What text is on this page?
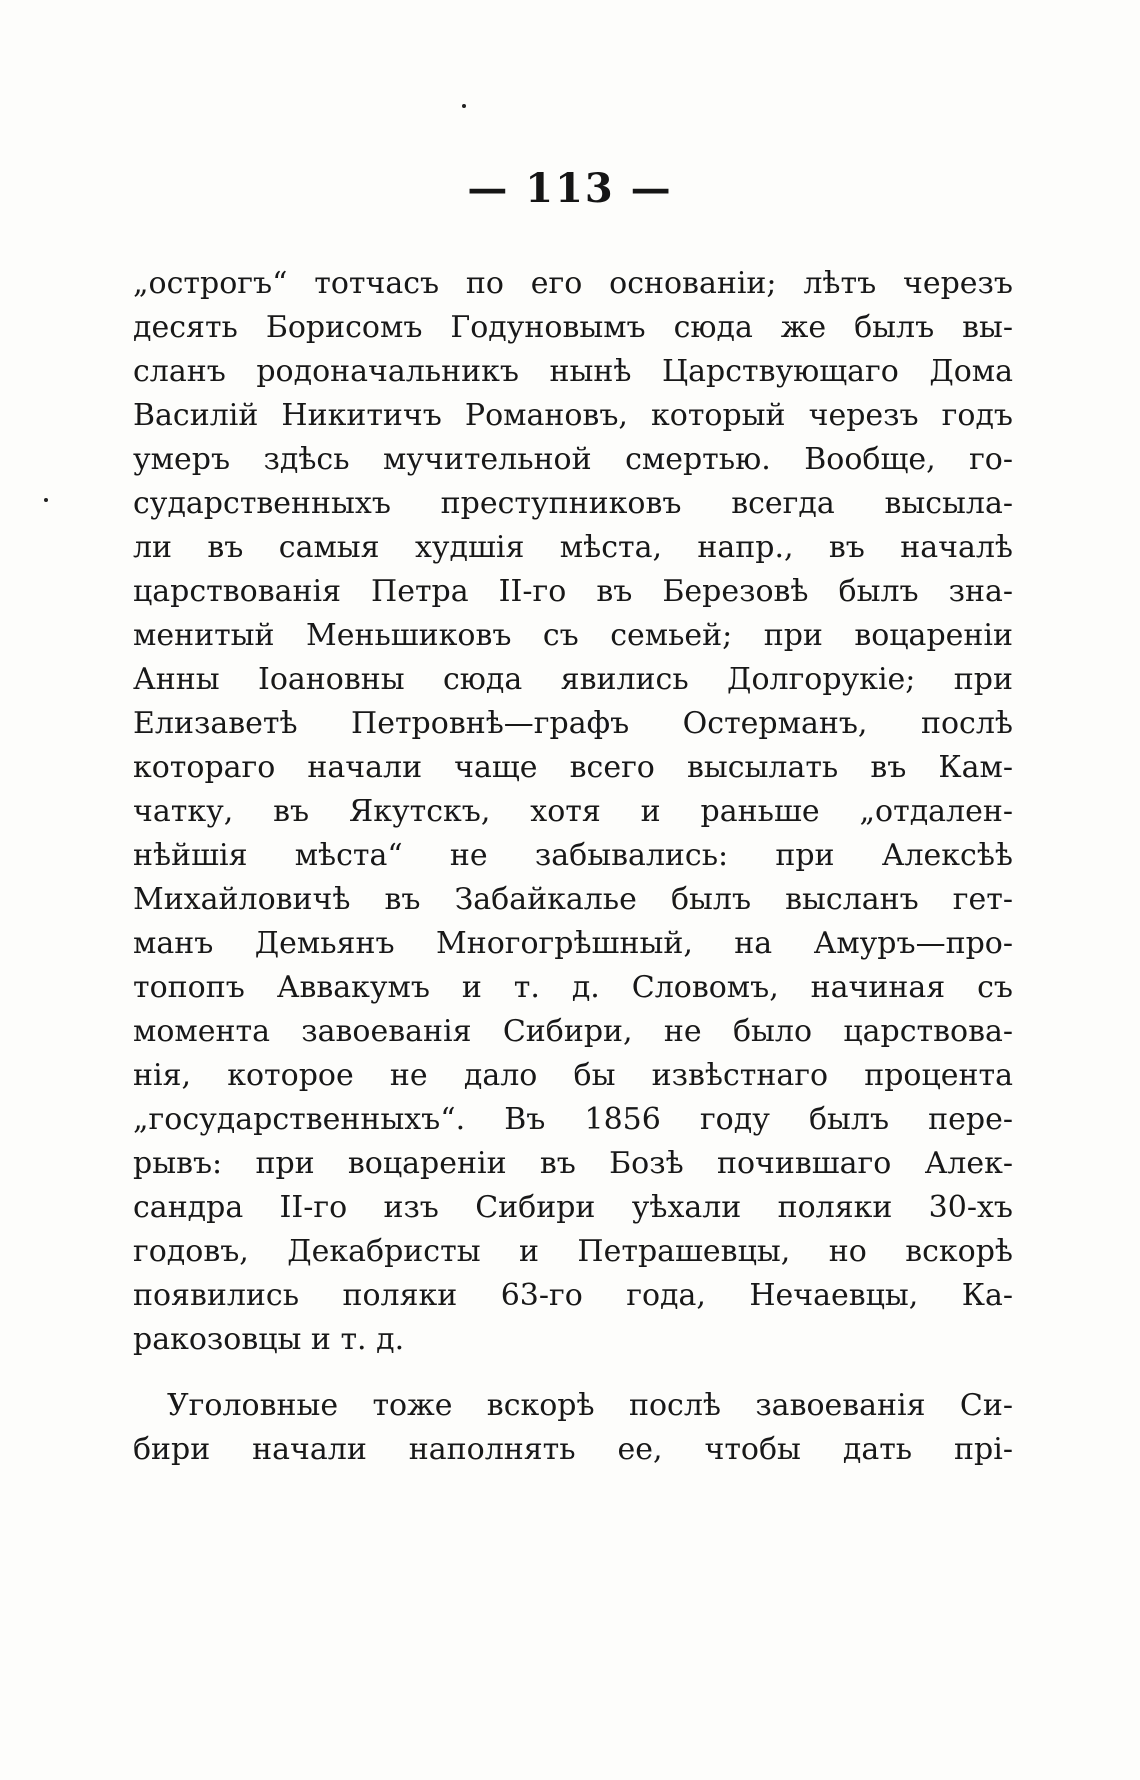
— 113 —
„острогъ“ тотчасъ по его основаніи; лѣтъ черезъ
десять Борисомъ Годуновымъ сюда же былъ вы-
сланъ родоначальникъ нынѣ Царствующаго Дома
Василій Никитичъ Романовъ, который черезъ годъ
умеръ здѣсь мучительной смертью. Вообще, го-
сударственныхъ преступниковъ всегда высыла-
ли въ самыя худшія мѣста, напр., въ началѣ
царствованія Петра II-го въ Березовѣ былъ зна-
менитый Меньшиковъ съ семьей; при воцареніи
Анны Іоановны сюда явились Долгорукіе; при
Елизаветѣ Петровнѣ—графъ Остерманъ, послѣ
котораго начали чаще всего высылать въ Кам-
чатку, въ Якутскъ, хотя и раньше „отдален-
нѣйшія мѣста“ не забывались: при Алексѣѣ
Михайловичѣ въ Забайкалье былъ высланъ гет-
манъ Демьянъ Многогрѣшный, на Амуръ—про-
топопъ Аввакумъ и т. д. Словомъ, начиная съ
момента завоеванія Сибири, не было царствова-
нія, которое не дало бы извѣстнаго процента
„государственныхъ“. Въ 1856 году былъ пере-
рывъ: при воцареніи въ Бозѣ почившаго Алек-
сандра II-го изъ Сибири уѣхали поляки 30-хъ
годовъ, Декабристы и Петрашевцы, но вскорѣ
появились поляки 63-го года, Нечаевцы, Ка-
ракозовцы и т. д.
Уголовные тоже вскорѣ послѣ завоеванія Си-
бири начали наполнять ее, чтобы дать прі-
